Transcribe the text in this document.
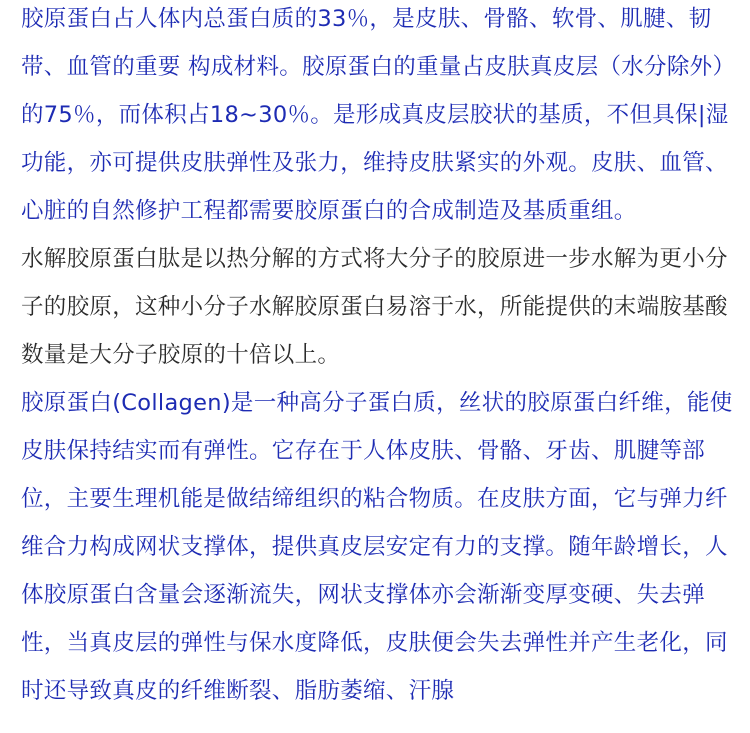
胶原蛋白占人体内总蛋白质的33％，是皮肤、骨骼、软骨、肌腱、韧带、血管的重要 构成材料。胶原蛋白的重量占皮肤真皮层（水分除外）的75％，而体积占18~30％。是形成真皮层胶状的基质，不但具保|湿功能，亦可提供皮肤弹性及张力，维持皮肤紧实的外观。皮肤、血管、心脏的自然修护工程都需要胶原蛋白的合成制造及基质重组。

水解胶原蛋白肽是以热分解的方式将大分子的胶原进一步水解为更小分子的胶原，这种小分子水解胶原蛋白易溶于水，所能提供的末端胺基酸数量是大分子胶原的十倍以上。

胶原蛋白(Collagen)是一种高分子蛋白质，丝状的胶原蛋白纤维，能使皮肤保持结实而有弹性。它存在于人体皮肤、骨骼、牙齿、肌腱等部位，主要生理机能是做结缔组织的粘合物质。在皮肤方面，它与弹力纤维合力构成网状支撑体，提供真皮层安定有力的支撑。随年龄增长，人体胶原蛋白含量会逐渐流失，网状支撑体亦会渐渐变厚变硬、失去弹性，当真皮层的弹性与保水度降低，皮肤便会失去弹性并产生老化，同时还导致真皮的纤维断裂、脂肪萎缩、汗腺
